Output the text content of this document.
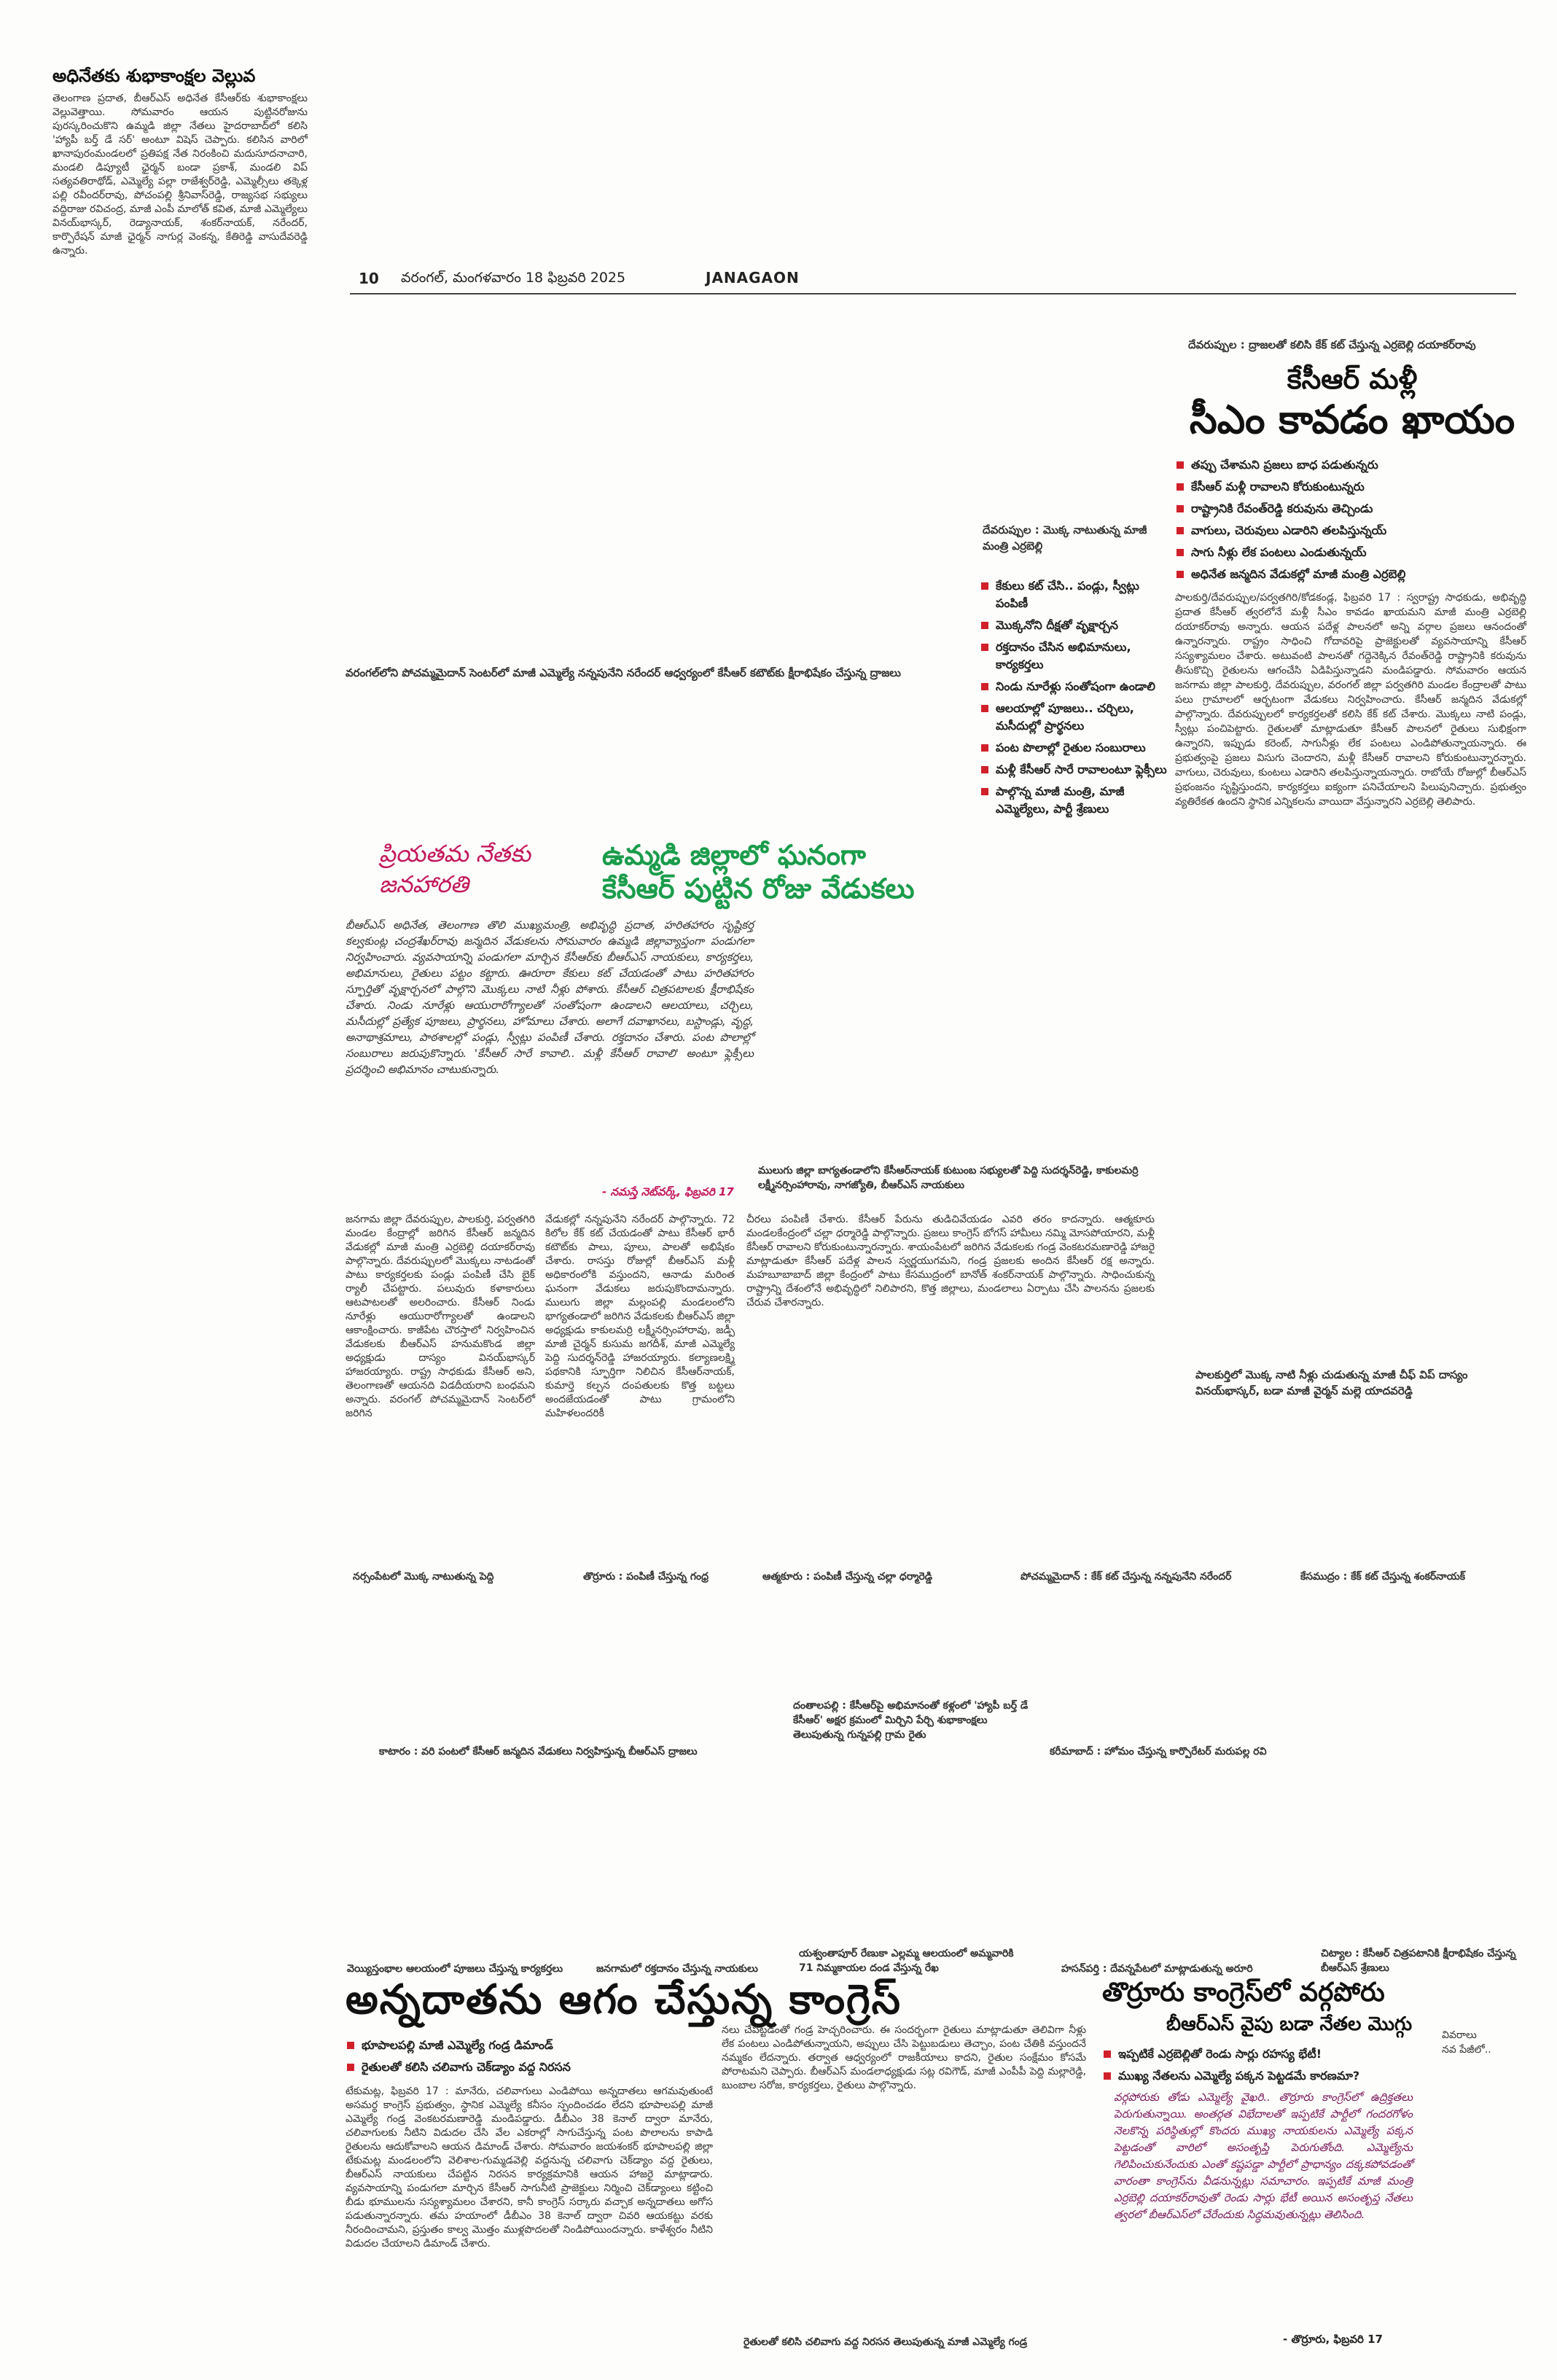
అధినేతకు శుభాకాంక్షల వెల్లువ
తెలంగాణ ప్రదాత, బీఆర్ఎస్ అధినేత కేసీఆర్‌కు శుభాకాంక్షలు వెల్లువెత్తాయి. సోమవారం ఆయన పుట్టినరోజును పురస్కరించుకొని ఉమ్మడి జిల్లా నేతలు హైదరాబాద్‌లో కలిసి 'హ్యాపీ బర్త్ డే సర్' అంటూ విషెస్ చెప్పారు. కలిసిన వారిలో ఖానాపురంమండలలో ప్రతిపక్ష నేత నిరంకించి మదుసూదనాచారి, మండలి డిప్యూటీ ఛైర్మన్ బండా ప్రకాశ్, మండలి విప్ సత్యవతిరాథోడ్, ఎమ్మెల్యే పల్లా రాజేశ్వర్‌రెడ్డి, ఎమ్మెల్సీలు తక్కెళ్ల పల్లి రవీందర్‌రావు, పోచంపల్లి శ్రీనివాస్‌రెడ్డి, రాజ్యసభ సభ్యులు వద్దిరాజు రవిచంద్ర, మాజీ ఎంపీ మాలోత్ కవిత, మాజీ ఎమ్మెల్యేలు వినయ్‌భాస్కర్, రెడ్యానాయక్, శంకర్‌నాయక్, నరేందర్, కార్పొరేషన్ మాజీ ఛైర్మన్ నాగుర్ల వెంకన్న, కేతిరెడ్డి వాసుదేవరెడ్డి ఉన్నారు.
10 వరంగల్, మంగళవారం 18 ఫిబ్రవరి 2025	JANAGAON
దేవరుప్పుల : ద్రాజలతో కలిసి కేక్ కట్ చేస్తున్న ఎర్రబెల్లి దయాకర్‌రావు
కేసీఆర్ మళ్లీ
సీఎం కావడం ఖాయం
తప్పు చేశామని ప్రజలు బాధ పడుతున్నరు
కేసీఆర్ మళ్లీ రావాలని కోరుకుంటున్నరు
రాష్ట్రానికి రేవంత్‌రెడ్డి కరువును తెచ్చిండు
వాగులు, చెరువులు ఎడారిని తలపిస్తున్నయ్
సాగు నీళ్లు లేక పంటలు ఎండుతున్నయ్
అధినేత జన్మదిన వేడుకల్లో మాజీ మంత్రి ఎర్రబెల్లి
పాలకుర్తి/దేవరుప్పుల/పర్వతగిరి/కోడకండ్ల, ఫిబ్రవరి 17 : స్వరాష్ట్ర సాధకుడు, అభివృద్ధి ప్రదాత కేసీఆర్ త్వరలోనే మళ్లీ సీఎం కావడం ఖాయమని మాజీ మంత్రి ఎర్రబెల్లి దయాకర్‌రావు అన్నారు. ఆయన పదేళ్ల పాలనలో అన్ని వర్గాల ప్రజలు ఆనందంతో ఉన్నారన్నారు. రాష్ట్రం సాధించి గోదావరిపై ప్రాజెక్టులతో వ్యవసాయాన్ని కేసీఆర్ సస్యశ్యామలం చేశారు. అటువంటి పాలనతో గద్దెనెక్కిన రేవంత్‌రెడ్డి రాష్ట్రానికి కరువును తీసుకొచ్చి రైతులను ఆగంచేసి ఏడిపిస్తున్నాడని మండిపడ్డారు. సోమవారం ఆయన జనగామ జిల్లా పాలకుర్తి, దేవరుప్పుల, వరంగల్ జిల్లా పర్వతగిరి మండల కేంద్రాలతో పాటు పలు గ్రామాలలో ఆర్భటంగా వేడుకలు నిర్వహించారు. కేసీఆర్ జన్మదిన వేడుకల్లో పాల్గొన్నారు. దేవరుప్పులలో కార్యకర్తలతో కలిసి కేక్ కట్ చేశారు. మొక్కలు నాటి పండ్లు, స్వీట్లు పంచిపెట్టారు. రైతులతో మాట్లాడుతూ కేసీఆర్ పాలనలో రైతులు సుభిక్షంగా ఉన్నారని, ఇప్పుడు కరెంట్, సాగునీళ్లు లేక పంటలు ఎండిపోతున్నాయన్నారు. ఈ ప్రభుత్వంపై ప్రజలు విసుగు చెందారని, మళ్లీ కేసీఆర్ రావాలని కోరుకుంటున్నారన్నారు. వాగులు, చెరువులు, కుంటలు ఎడారిని తలపిస్తున్నాయన్నారు. రాబోయే రోజుల్లో బీఆర్ఎస్ ప్రభంజనం సృష్టిస్తుందని, కార్యకర్తలు ఐక్యంగా పనిచేయాలని పిలుపునిచ్చారు. ప్రభుత్వం వ్యతిరేకత ఉందని స్థానిక ఎన్నికలను వాయిదా వేస్తున్నారని ఎర్రబెల్లి తెలిపారు.
పాలకుర్తిలో మొక్క నాటి నీళ్లు చుడుతున్న మాజీ చీఫ్ విప్ దాస్యం వినయ్‌భాస్కర్, బడా మాజీ వైర్మన్ మల్లె యాదవరెడ్డి
దేవరుప్పుల : మొక్క నాటుతున్న మాజీ మంత్రి ఎర్రబెల్లి
కేకులు కట్ చేసి.. పండ్లు, స్వీట్లు పంపిణీ
మొక్కనోని దీక్షతో వృక్షార్చన
రక్తదానం చేసిన అభిమానులు, కార్యకర్తలు
నిండు నూరేళ్లు సంతోషంగా ఉండాలి
ఆలయాల్లో పూజలు.. చర్చిలు, మసీదుల్లో ప్రార్థనలు
పంట పొలాల్లో రైతుల సంబురాలు
మళ్లీ కేసీఆర్ సారే రావాలంటూ ఫ్లెక్సీలు
పాల్గొన్న మాజీ మంత్రి, మాజీ ఎమ్మెల్యేలు, పార్టీ శ్రేణులు
వరంగల్‌లోని పోచమ్మమైదాన్ సెంటర్‌లో మాజీ ఎమ్మెల్యే నన్నపునేని నరేందర్ ఆధ్వర్యంలో కేసీఆర్ కటౌట్‌కు క్షీరాభిషేకం చేస్తున్న ద్రాజలు
ప్రియతమ నేతకు
జనహారతి
ఉమ్మడి జిల్లాలో ఘనంగా
కేసీఆర్ పుట్టిన రోజు వేడుకలు
బీఆర్ఎస్ అధినేత, తెలంగాణ తొలి ముఖ్యమంత్రి, అభివృద్ధి ప్రదాత, హరితహారం సృష్టికర్త కల్వకుంట్ల చంద్రశేఖర్‌రావు జన్మదిన వేడుకలను సోమవారం ఉమ్మడి జిల్లావ్యాప్తంగా పండుగలా నిర్వహించారు. వ్యవసాయాన్ని పండుగలా మార్చిన కేసీఆర్‌కు బీఆర్ఎస్ నాయకులు, కార్యకర్తలు, అభిమానులు, రైతులు పట్టం కట్టారు. ఊరూరా కేకులు కట్ చేయడంతో పాటు హరితహారం స్ఫూర్తితో వృక్షార్చనలో పాల్గొని మొక్కలు నాటి నీళ్లు పోశారు. కేసీఆర్ చిత్రపటాలకు క్షీరాభిషేకం చేశారు. నిండు నూరేళ్లు ఆయురారోగ్యాలతో సంతోషంగా ఉండాలని ఆలయాలు, చర్చిలు, మసీదుల్లో ప్రత్యేక పూజలు, ప్రార్థనలు, హోమాలు చేశారు. అలాగే దవాఖానలు, బస్టాండ్లు, వృద్ధ, అనాథాశ్రమాలు, పాఠశాలల్లో పండ్లు, స్వీట్లు పంపిణీ చేశారు. రక్తదానం చేశారు. పంట పొలాల్లో సంబురాలు జరుపుకొన్నారు. 'కేసీఆర్ సారే కావాలి.. మళ్లీ కేసీఆర్ రావాలి' అంటూ ఫ్లెక్సీలు ప్రదర్శించి అభిమానం చాటుకున్నారు.
- నమస్తే నెట్‌వర్క్, ఫిబ్రవరి 17
ములుగు జిల్లా బాగ్యతండాలోని కేసీఆర్‌నాయక్ కుటుంబ సభ్యులతో పెద్ది సుదర్శన్‌రెడ్డి, కాకులమర్రి లక్ష్మీనర్సింహారావు, నాగజ్యోతి, బీఆర్ఎస్ నాయకులు
జనగామ జిల్లా దేవరుప్పుల, పాలకుర్తి, పర్వతగిరి మండల కేంద్రాల్లో జరిగిన కేసీఆర్ జన్మదిన వేడుకల్లో మాజీ మంత్రి ఎర్రబెల్లి దయాకర్‌రావు పాల్గొన్నారు. దేవరుప్పులలో మొక్కలు నాటడంతో పాటు కార్యకర్తలకు పండ్లు పంపిణీ చేసి బైక్ ర్యాలీ చేపట్టారు. పలువురు కళాకారులు ఆటపాటలతో అలరించారు. కేసీఆర్ నిండు నూరేళ్లు ఆయురారోగ్యాలతో ఉండాలని ఆకాంక్షించారు. కాజీపేట చౌరస్తాలో నిర్వహించిన వేడుకలకు బీఆర్ఎస్ హనుమకొండ జిల్లా అధ్యక్షుడు దాస్యం వినయ్‌భాస్కర్ హాజరయ్యారు. రాష్ట్ర సాధకుడు కేసీఆర్ అని, తెలంగాణతో ఆయనది విడదీయరాని బంధమని అన్నారు. వరంగల్ పోచమ్మమైదాన్ సెంటర్‌లో జరిగిన
వేడుకల్లో నన్నపునేని నరేందర్ పాల్గొన్నారు. 72 కిలోల కేక్ కట్ చేయడంతో పాటు కేసీఆర్ భారీ కటౌట్‌కు పాలు, పూలు, పాలతో అభిషేకం చేశారు. రాసస్తు రోజుల్లో బీఆర్ఎస్ మళ్లీ అధికారంలోకి వస్తుందని, ఆనాడు మరింత ఘనంగా వేడుకలు జరుపుకొందామన్నారు. ములుగు జిల్లా మల్లంపల్లి మండలంలోని భాగ్యతండాలో జరిగిన వేడుకలకు బీఆర్ఎస్ జిల్లా అధ్యక్షుడు కాకులమర్రి లక్ష్మీనర్సింహారావు, జడ్పీ మాజీ చైర్మన్ కుసుమ జగదీశ్, మాజీ ఎమ్మెల్యే పెద్ది సుదర్శన్‌రెడ్డి హాజరయ్యారు. కల్యాణలక్ష్మి పథకానికి స్ఫూర్తిగా నిలిచిన కేసీఆర్‌నాయక్, కుమార్తె కల్పన దంపతులకు కొత్త బట్టలు అందజేయడంతో పాటు గ్రామంలోని మహిళలందరికీ
చీరలు పంపిణీ చేశారు. కేసీఆర్ పేరును తుడిచివేయడం ఎవరి తరం కాదన్నారు. ఆత్మకూరు మండలకేంద్రంలో చల్లా ధర్మారెడ్డి పాల్గొన్నారు. ప్రజలు కాంగ్రెస్ బోగస్ హామీలు నమ్మి మోసపోయారని, మళ్లీ కేసీఆర్ రావాలని కోరుకుంటున్నారన్నారు. శాయంపేటలో జరిగిన వేడుకలకు గండ్ర వెంకటరమణారెడ్డి హాజరై మాట్లాడుతూ కేసీఆర్ పదేళ్ల పాలన స్వర్ణయుగమని, గండ్ర ప్రజలకు అందిన కేసీఆర్ రక్ష అన్నారు. మహబూబాబాద్ జిల్లా కేంద్రంలో పాటు కేసముద్రంలో బానోత్ శంకర్‌నాయక్ పాల్గొన్నారు. సాధించుకున్న రాష్ట్రాన్ని దేశంలోనే అభివృద్ధిలో నిలిపారని, కొత్త జిల్లాలు, మండలాలు ఏర్పాటు చేసి పాలనను ప్రజలకు చేరువ చేశారన్నారు.
నర్సంపేటలో మొక్క నాటుతున్న పెద్ది	తొర్రూరు : పంపిణీ చేస్తున్న గంధ్ర	ఆత్మకూరు : పంపిణీ చేస్తున్న చల్లా ధర్మారెడ్డి	పోచమ్మమైదాన్ : కేక్ కట్ చేస్తున్న నన్నపునేని నరేందర్	కేసముద్రం : కేక్ కట్ చేస్తున్న శంకర్‌నాయక్
దంతాలపల్లి : కేసీఆర్‌పై అభిమానంతో కళ్లంలో 'హ్యాపీ బర్త్ డే కేసీఆర్' అక్షర క్రమంలో మిర్చిని పేర్చి శుభాకాంక్షలు తెలుపుతున్న గున్నపల్లి గ్రామ రైతు
కాటారం : వరి పంటలో కేసీఆర్ జన్మదిన వేడుకలు నిర్వహిస్తున్న బీఆర్ఎస్ ద్రాజలు	కరీమాబాద్ : హోమం చేస్తున్న కార్పొరేటర్ మరుపల్ల రవి
వెయ్యిస్తంభాల ఆలయంలో పూజలు చేస్తున్న కార్యకర్తలు	జనగామలో రక్తదానం చేస్తున్న నాయకులు
యశ్వంతాపూర్ రేణుకా ఎల్లమ్మ ఆలయంలో అమ్మవారికి 71 నిమ్మకాయల దండ వేస్తున్న రేఖ	హసన్‌పర్తి : దేవన్నపేటలో మాట్లాడుతున్న అరూరి
చిట్యాల : కేసీఆర్ చిత్రపటానికి క్షీరాభిషేకం చేస్తున్న బీఆర్ఎస్ శ్రేణులు
అన్నదాతను ఆగం చేస్తున్న కాంగ్రెస్
భూపాలపల్లి మాజీ ఎమ్మెల్యే గండ్ర డిమాండ్
రైతులతో కలిసి చలివాగు చెక్‌డ్యాం వద్ద నిరసన
టేకుమట్ల, ఫిబ్రవరి 17 : మానేరు, చలివాగులు ఎండిపోయి అన్నదాతలు ఆగమవుతుంటే అసమర్థ కాంగ్రెస్ ప్రభుత్వం, స్థానిక ఎమ్మెల్యే కనీసం స్పందించడం లేదని భూపాలపల్లి మాజీ ఎమ్మెల్యే గండ్ర వెంకటరమణారెడ్డి మండిపడ్డారు. డీబీఎం 38 కెనాల్ ద్వారా మానేరు, చలివాగులకు నీటిని విడుదల చేసి వేల ఎకరాల్లో సాగుచేస్తున్న పంట పొలాలను కాపాడి రైతులను ఆదుకోవాలని ఆయన డిమాండ్ చేశారు. సోమవారం జయశంకర్ భూపాలపల్లి జిల్లా టేకుమట్ల మండలంలోని వెలిశాల-గుమ్మడవెల్లి వద్దనున్న చలివాగు చెక్‌డ్యాం వద్ద రైతులు, బీఆర్ఎస్ నాయకులు చేపట్టిన నిరసన కార్యక్రమానికి ఆయన హాజరై మాట్లాడారు. వ్యవసాయాన్ని పండుగలా మార్చిన కేసీఆర్ సాగునీటి ప్రాజెక్టులు నిర్మించి చెక్‌డ్యాంలు కట్టించి బీడు భూములను సస్యశ్యామలం చేశారని, కానీ కాంగ్రెస్ సర్కారు వచ్చాక అన్నదాతలు అగోస పడుతున్నారన్నారు. తమ హయాంలో డీబీఎం 38 కెనాల్ ద్వారా చివరి ఆయకట్టు వరకు నీరందించామని, ప్రస్తుతం కాల్వ మొత్తం ముళ్లపొదలతో నిండిపోయిందన్నారు. కాళేశ్వరం నీటిని విడుదల చేయాలని డిమాండ్ చేశారు.
నలు చేపట్టడంతో గండ్ర హెచ్చరించారు. ఈ సందర్భంగా రైతులు మాట్లాడుతూ తెలివిగా నీళ్లు లేక పంటలు ఎండిపోతున్నాయని, అప్పులు చేసి పెట్టుబడులు తెచ్చాం, పంట చేతికి వస్తుందనే నమ్మకం లేదన్నారు. తర్వాత ఆధ్వర్యంలో రాజకీయాలు కాదని, రైతుల సంక్షేమం కోసమే పోరాటమని చెప్పారు. బీఆర్ఎస్ మండలాధ్యక్షుడు సట్ల రవిగౌడ్, మాజీ ఎంపీపీ పెద్ది మల్లారెడ్డి, బుంబాల సరోజ, కార్యకర్తలు, రైతులు పాల్గొన్నారు.
రైతులతో కలిసి చలివాగు వద్ద నిరసన తెలుపుతున్న మాజీ ఎమ్మెల్యే గండ్ర
తొర్రూరు కాంగ్రెస్‌లో వర్గపోరు
బీఆర్ఎస్ వైపు బడా నేతల మొగ్గు
ఇప్పటికే ఎర్రబెల్లితో రెండు సార్లు రహస్య భేటీ!
ముఖ్య నేతలను ఎమ్మెల్యే పక్కన పెట్టడమే కారణమా?
వివరాలు
నవ పేజీలో..
వర్గపోరుకు తోడు ఎమ్మెల్యే వైఖరి.. తొర్రూరు కాంగ్రెస్‌లో ఉద్రిక్తతలు పెరుగుతున్నాయి. అంతర్గత విభేదాలతో ఇప్పటికే పార్టీలో గందరగోళం నెలకొన్న పరిస్థితుల్లో కొందరు ముఖ్య నాయకులను ఎమ్మెల్యే పక్కన పెట్టడంతో వారిలో అసంతృప్తి పెరుగుతోంది. ఎమ్మెల్యేను గెలిపించుకునేందుకు ఎంతో కష్టపడ్డా పార్టీలో ప్రాధాన్యం దక్కకపోవడంతో వారంతా కాంగ్రెస్‌ను వీడనున్నట్లు సమాచారం. ఇప్పటికే మాజీ మంత్రి ఎర్రబెల్లి దయాకర్‌రావుతో రెండు సార్లు భేటీ అయిన అసంతృప్త నేతలు త్వరలో బీఆర్ఎస్‌లో చేరేందుకు సిద్ధమవుతున్నట్లు తెలిసింది.
- తొర్రూరు, ఫిబ్రవరి 17
